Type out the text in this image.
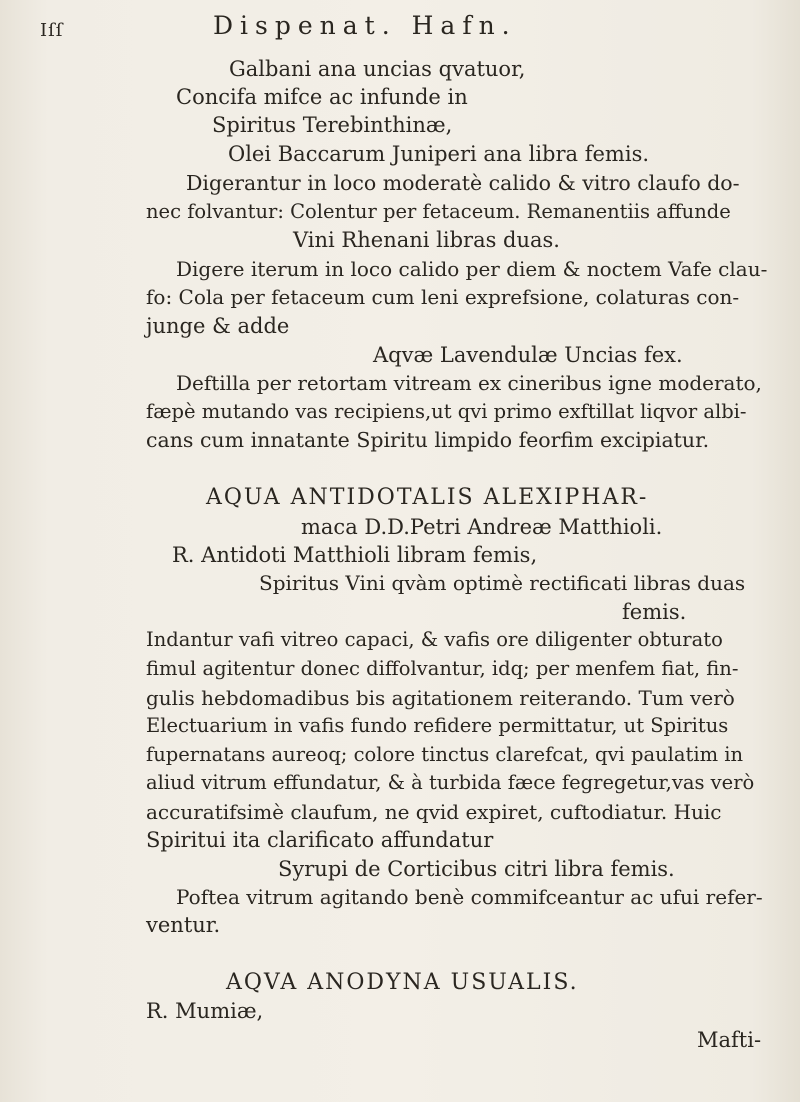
Iſſ	Dispenat. Hafn.
Galbani ana uncias qvatuor,
Concifa mifce ac infunde in
Spiritus Terebinthinæ,
Olei Baccarum Juniperi ana libra femis.
Digerantur in loco moderatè calido & vitro claufo do-
nec folvantur: Colentur per fetaceum. Remanentiis affunde
Vini Rhenani libras duas.
Digere iterum in loco calido per diem & noctem Vafe clau-
fo: Cola per fetaceum cum leni exprefsione, colaturas con-
junge & adde
Aqvæ Lavendulæ Uncias fex.
Deftilla per retortam vitream ex cineribus igne moderato,
fæpè mutando vas recipiens,ut qvi primo exftillat liqvor albi-
cans cum innatante Spiritu limpido feorfim excipiatur.
AQUA ANTIDOTALIS ALEXIPHAR-
maca D.D.Petri Andreæ Matthioli.
R. Antidoti Matthioli libram femis,
Spiritus Vini qvàm optimè rectificati libras duas
femis.
Indantur vafi vitreo capaci, & vafis ore diligenter obturato
fimul agitentur donec diffolvantur, idq; per menfem fiat, fin-
gulis hebdomadibus bis agitationem reiterando. Tum verò
Electuarium in vafis fundo refidere permittatur, ut Spiritus
fupernatans aureoq; colore tinctus clarefcat, qvi paulatim in
aliud vitrum effundatur, & à turbida fæce fegregetur,vas verò
accuratifsimè claufum, ne qvid expiret, cuftodiatur. Huic
Spiritui ita clarificato affundatur
Syrupi de Corticibus citri libra femis.
Poftea vitrum agitando benè commifceantur ac ufui refer-
ventur.
AQVA ANODYNA USUALIS.
R. Mumiæ,
Mafti-
